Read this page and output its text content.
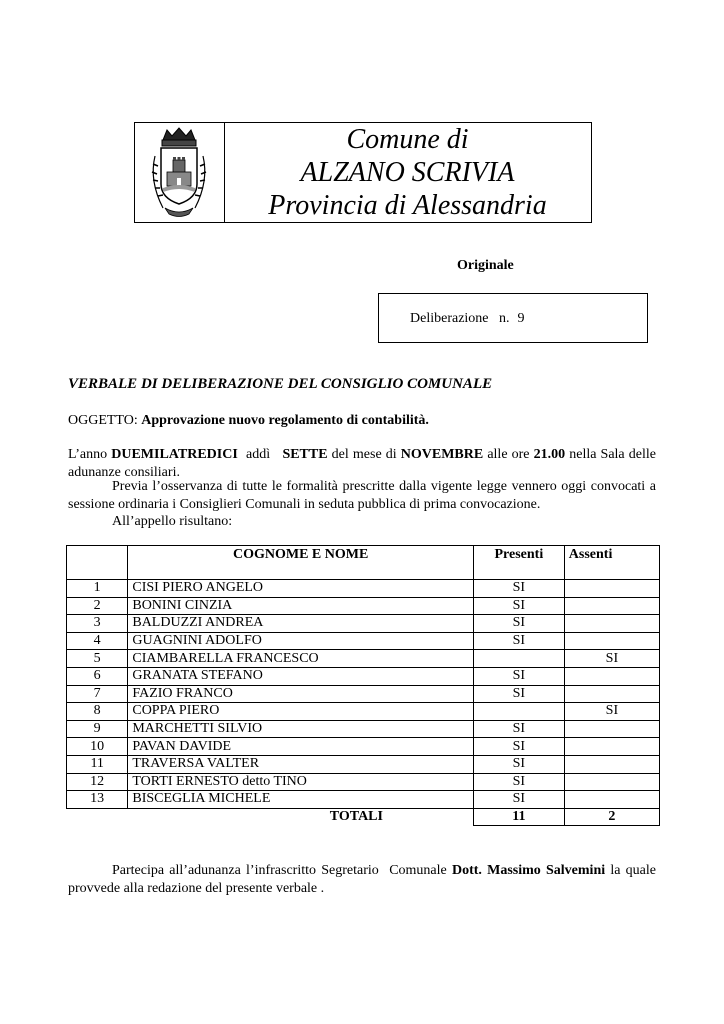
Comune di
ALZANO SCRIVIA
Provincia di Alessandria
Originale
Deliberazione   n. 9
VERBALE DI DELIBERAZIONE DEL CONSIGLIO COMUNALE
OGGETTO: Approvazione nuovo regolamento di contabilità.
L’anno DUEMILATREDICI  addì   SETTE del mese di NOVEMBRE alle ore 21.00 nella Sala delle adunanze consiliari.
Previa l’osservanza di tutte le formalità prescritte dalla vigente legge vennero oggi convocati a sessione ordinaria i Consiglieri Comunali in seduta pubblica di prima convocazione.
All’appello risultano:
	COGNOME E NOME	Presenti	Assenti
1	CISI PIERO ANGELO	SI	
2	BONINI CINZIA	SI	
3	BALDUZZI ANDREA	SI	
4	GUAGNINI ADOLFO	SI	
5	CIAMBARELLA FRANCESCO		SI
6	GRANATA STEFANO	SI	
7	FAZIO FRANCO	SI	
8	COPPA PIERO		SI
9	MARCHETTI SILVIO	SI	
10	PAVAN DAVIDE	SI	
11	TRAVERSA VALTER	SI	
12	TORTI ERNESTO detto TINO	SI	
13	BISCEGLIA MICHELE	SI	
	TOTALI	11	2
Partecipa all’adunanza l’infrascritto Segretario  Comunale Dott. Massimo Salvemini la quale provvede alla redazione del presente verbale .
